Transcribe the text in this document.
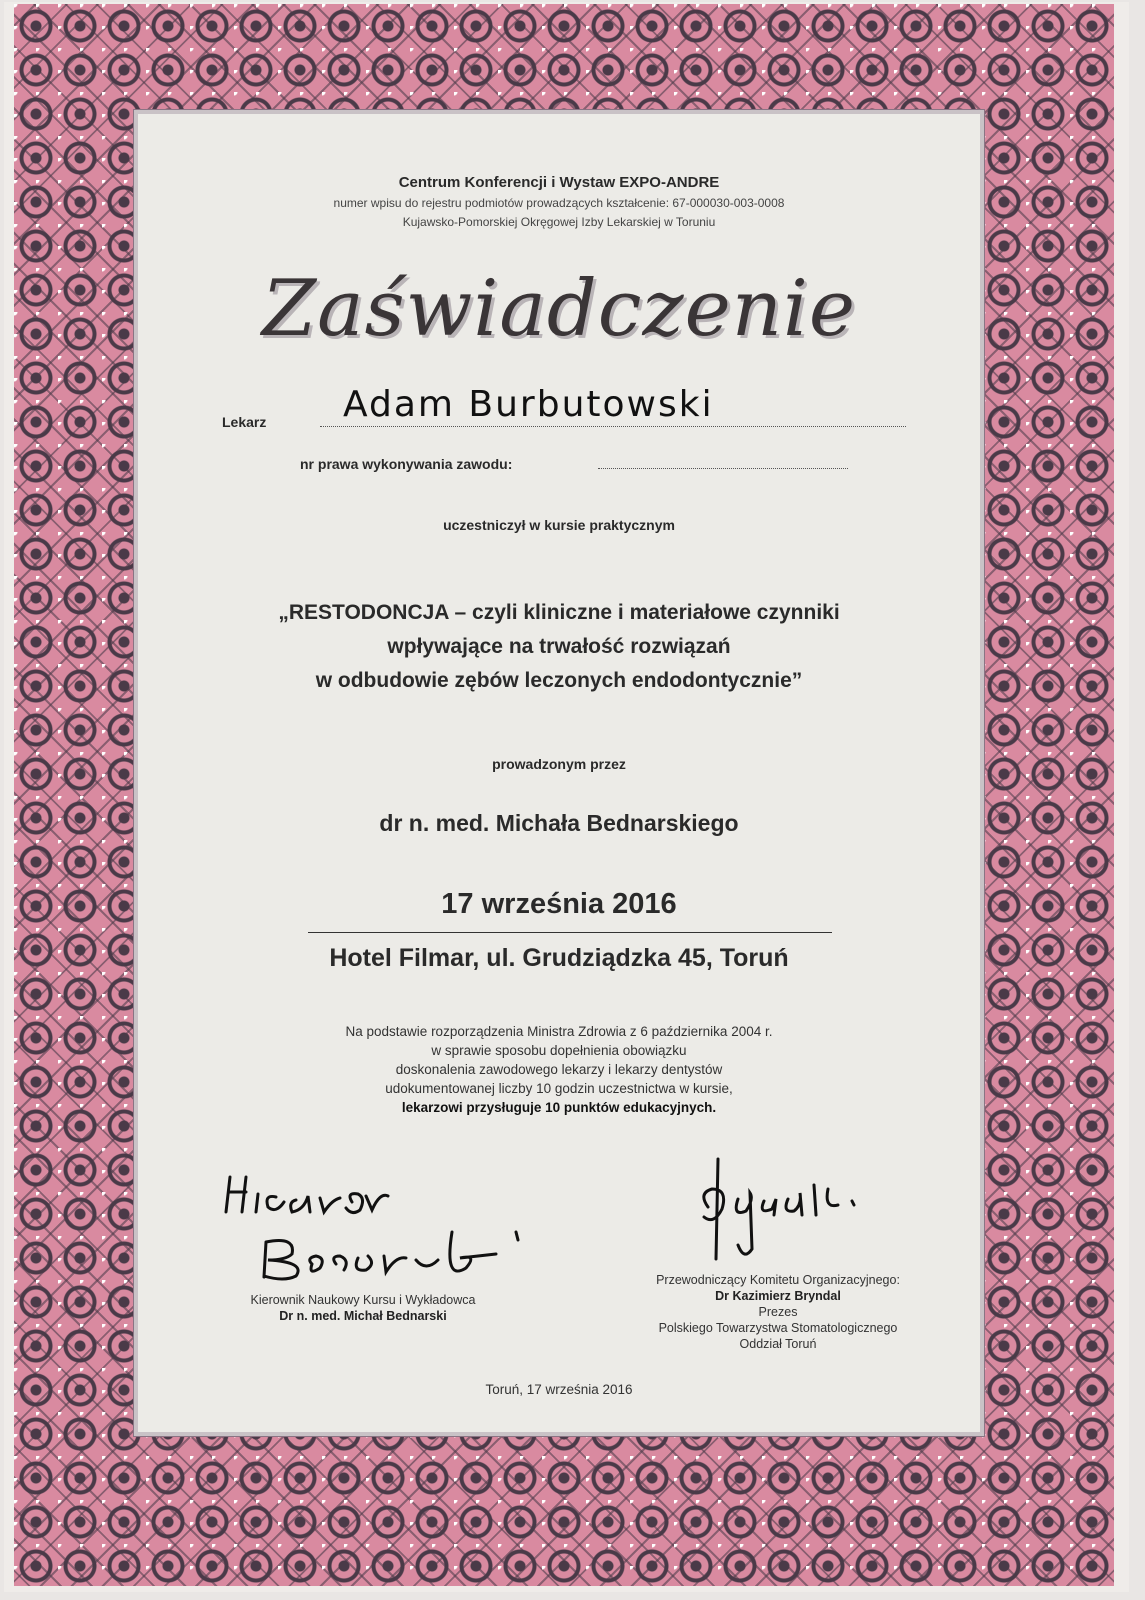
Centrum Konferencji i Wystaw EXPO-ANDRE
numer wpisu do rejestru podmiotów prowadzących kształcenie: 67-000030-003-0008
Kujawsko-Pomorskiej Okręgowej Izby Lekarskiej w Toruniu
Zaświadczenie
Lekarz Adam Burbutowski
nr prawa wykonywania zawodu:
uczestniczył w kursie praktycznym
„RESTODONCJA – czyli kliniczne i materiałowe czynniki
wpływające na trwałość rozwiązań
w odbudowie zębów leczonych endodontycznie”
prowadzonym przez
dr n. med. Michała Bednarskiego
17 września 2016
Hotel Filmar, ul. Grudziądzka 45, Toruń
Na podstawie rozporządzenia Ministra Zdrowia z 6 października 2004 r.
w sprawie sposobu dopełnienia obowiązku
doskonalenia zawodowego lekarzy i lekarzy dentystów
udokumentowanej liczby 10 godzin uczestnictwa w kursie,
lekarzowi przysługuje 10 punktów edukacyjnych.
Kierownik Naukowy Kursu i Wykładowca
Dr n. med. Michał Bednarski
Przewodniczący Komitetu Organizacyjnego:
Dr Kazimierz Bryndal
Prezes
Polskiego Towarzystwa Stomatologicznego
Oddział Toruń
Toruń, 17 września 2016
